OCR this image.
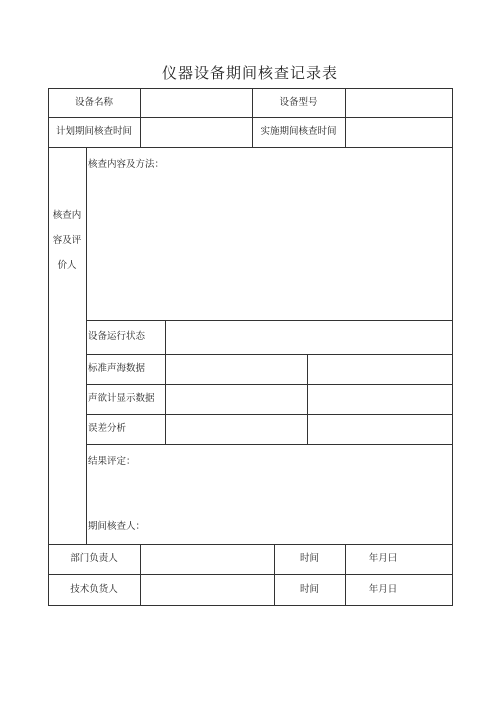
仪器设备期间核查记录表
设备名称	设备型号
计划期间核查时间	实施期间核查时间
核查内
容及评
价人
核查内容及方法：
设备运行状态
标准声海数据
声欲计显示数据
误差分析
结果评定：
期间核查人：
部门负责人	时间	年月曰
技术负货人	时间	年月日
